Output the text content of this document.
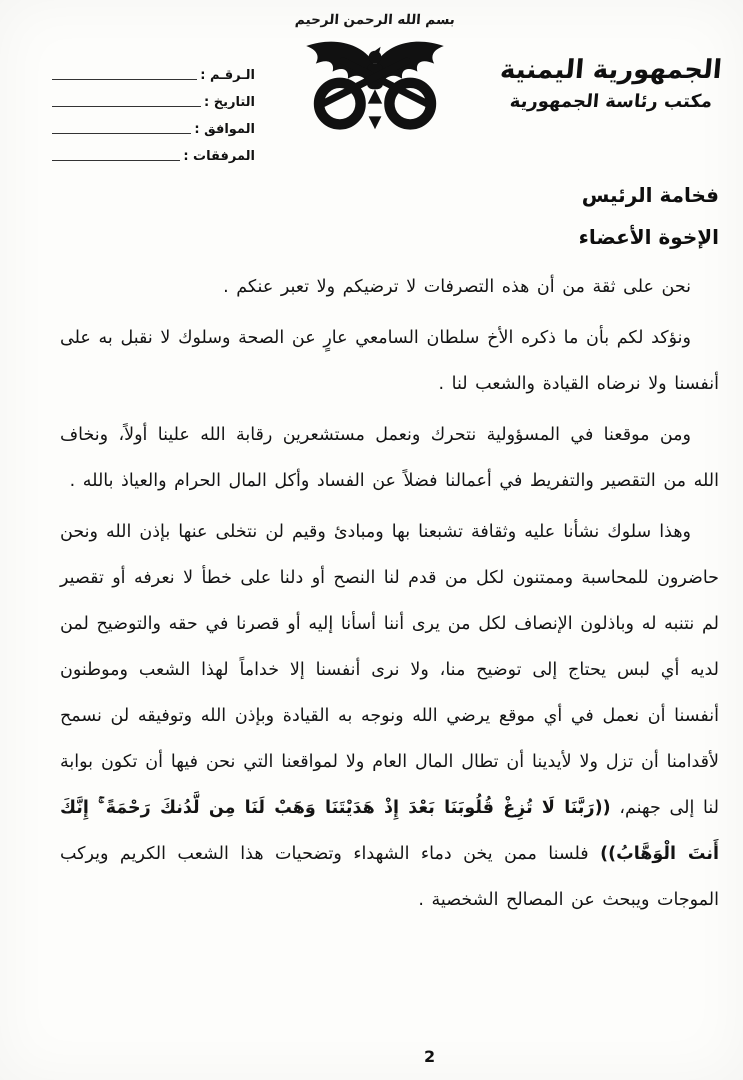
الـرقـم :
التاريخ :
الموافق :
المرفقات :
بسم الله الرحمن الرحيم
الجمهورية اليمنية
مكتب رئاسة الجمهورية
فخامة الرئيس
الإخوة الأعضاء

نحن على ثقة من أن هذه التصرفات لا ترضيكم ولا تعبر عنكم .

ونؤكد لكم بأن ما ذكره الأخ سلطان السامعي عارٍ عن الصحة وسلوك لا نقبل به على أنفسنا ولا نرضاه القيادة والشعب لنا .

ومن موقعنا في المسؤولية نتحرك ونعمل مستشعرين رقابة الله علينا أولاً، ونخاف الله من التقصير والتفريط في أعمالنا فضلاً عن الفساد وأكل المال الحرام والعياذ بالله .

وهذا سلوك نشأنا عليه وثقافة تشبعنا بها ومبادئ وقيم لن نتخلى عنها بإذن الله ونحن حاضرون للمحاسبة وممتنون لكل من قدم لنا النصح أو دلنا على خطأ لا نعرفه أو تقصير لم نتنبه له وباذلون الإنصاف لكل من يرى أننا أسأنا إليه أو قصرنا في حقه والتوضيح لمن لديه أي لبس يحتاج إلى توضيح منا، ولا نرى أنفسنا إلا خداماً لهذا الشعب وموطنون أنفسنا أن نعمل في أي موقع يرضي الله ونوجه به القيادة وبإذن الله وتوفيقه لن نسمح لأقدامنا أن تزل ولا لأيدينا أن تطال المال العام ولا لمواقعنا التي نحن فيها أن تكون بوابة لنا إلى جهنم، ((رَبَّنَا لَا تُزِغْ قُلُوبَنَا بَعْدَ إِذْ هَدَيْتَنَا وَهَبْ لَنَا مِن لَّدُنكَ رَحْمَةً ۚ إِنَّكَ أَنتَ الْوَهَّابُ)) فلسنا ممن يخن دماء الشهداء وتضحيات هذا الشعب الكريم ويركب الموجات ويبحث عن المصالح الشخصية .

2
